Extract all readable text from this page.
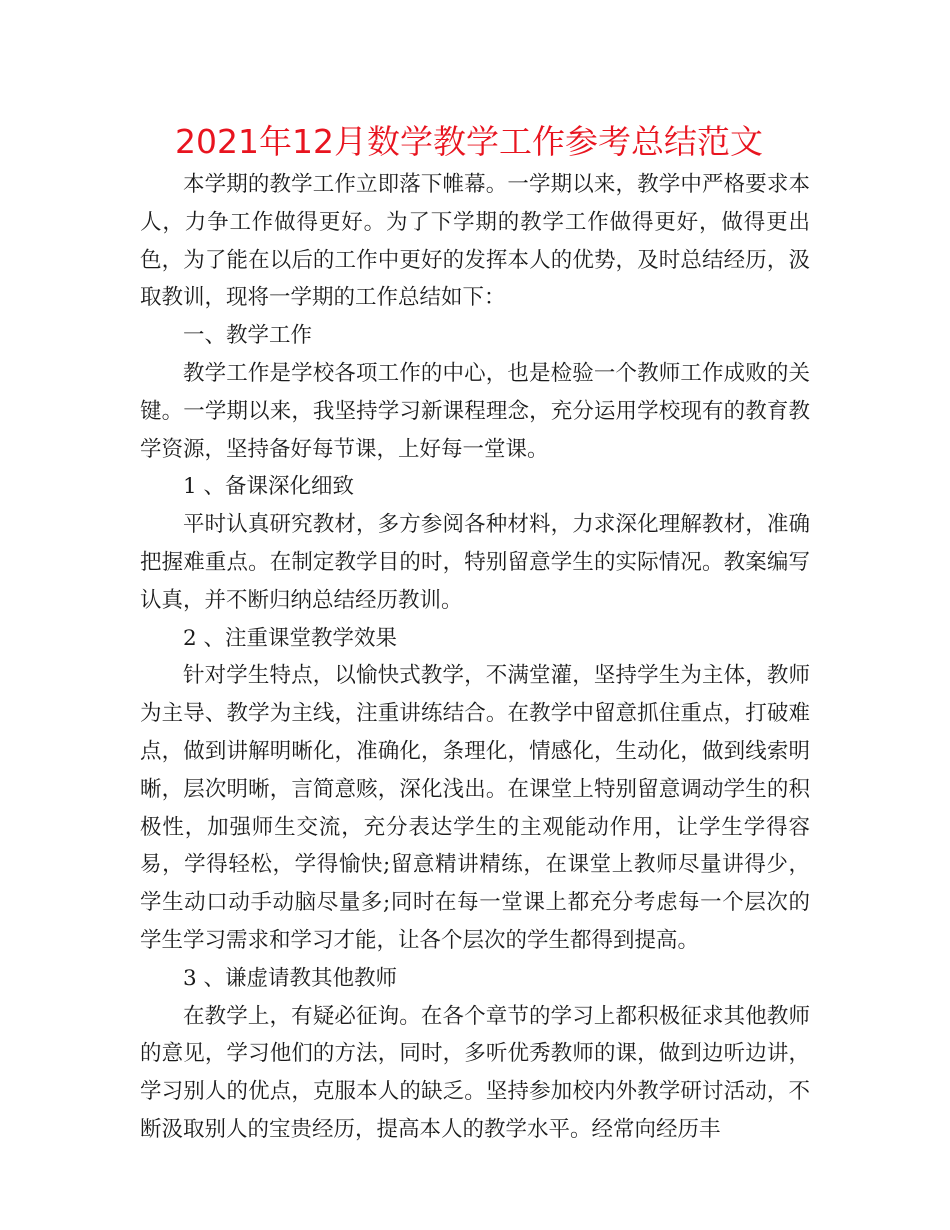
2021年12月数学教学工作参考总结范文

本学期的教学工作立即落下帷幕。一学期以来，教学中严格要求本人，力争工作做得更好。为了下学期的教学工作做得更好，做得更出色，为了能在以后的工作中更好的发挥本人的优势，及时总结经历，汲取教训，现将一学期的工作总结如下：

一、教学工作

教学工作是学校各项工作的中心，也是检验一个教师工作成败的关键。一学期以来，我坚持学习新课程理念，充分运用学校现有的教育教学资源，坚持备好每节课，上好每一堂课。

1 、备课深化细致

平时认真研究教材，多方参阅各种材料，力求深化理解教材，准确把握难重点。在制定教学目的时，特别留意学生的实际情况。教案编写认真，并不断归纳总结经历教训。

2 、注重课堂教学效果

针对学生特点，以愉快式教学，不满堂灌，坚持学生为主体，教师为主导、教学为主线，注重讲练结合。在教学中留意抓住重点，打破难点，做到讲解明晰化，准确化，条理化，情感化，生动化，做到线索明晰，层次明晰，言简意赅，深化浅出。在课堂上特别留意调动学生的积极性，加强师生交流，充分表达学生的主观能动作用，让学生学得容易，学得轻松，学得愉快;留意精讲精练，在课堂上教师尽量讲得少，学生动口动手动脑尽量多;同时在每一堂课上都充分考虑每一个层次的学生学习需求和学习才能，让各个层次的学生都得到提高。

3 、谦虚请教其他教师

在教学上，有疑必征询。在各个章节的学习上都积极征求其他教师的意见，学习他们的方法，同时，多听优秀教师的课，做到边听边讲，学习别人的优点，克服本人的缺乏。坚持参加校内外教学研讨活动，不断汲取别人的宝贵经历，提高本人的教学水平。经常向经历丰
